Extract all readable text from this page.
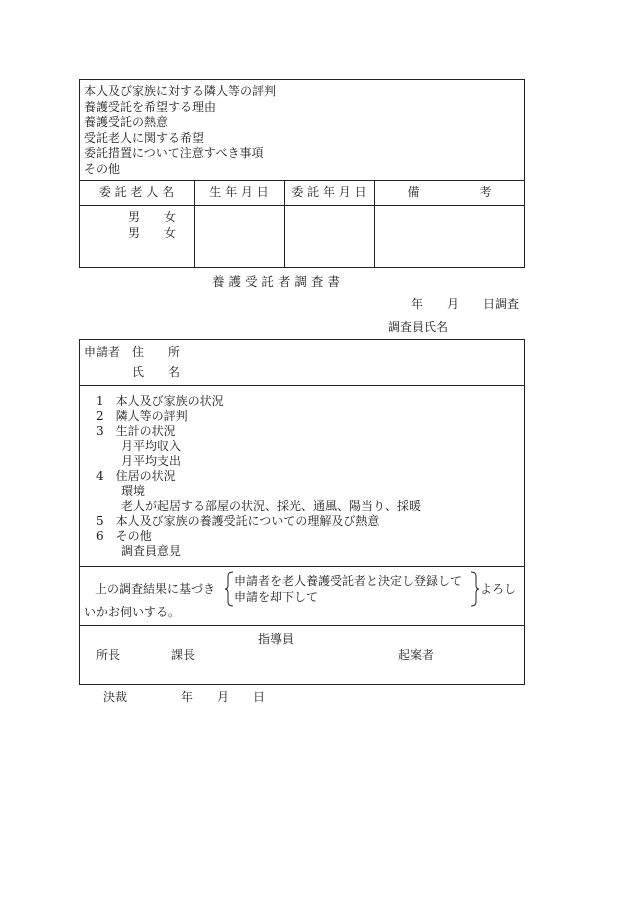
本人及び家族に対する隣人等の評判
養護受託を希望する理由
養護受託の熱意
受託老人に関する希望
委託措置について注意すべき事項
その他
委 託 老 人 名	生 年 月 日	委 託 年 月 日	備　　　　　考
男　　女
男　　女
養 護 受 託 者 調 査 書
年　　月　　日調査
調査員氏名
申請者 住　　所
氏　　名
1　本人及び家族の状況
2　隣人等の評判
3　生計の状況
月平均収入
月平均支出
4　住居の状況
環境
老人が起居する部屋の状況、採光、通風、陽当り、採暖
5　本人及び家族の養護受託についての理解及び熱意
6　その他
調査員意見
上の調査結果に基づき
申請者を老人養護受託者と決定し登録して
申請を却下して
よろし
いかお伺いする。
指導員
所長	課長	起案者
決裁	年　　月　　日
